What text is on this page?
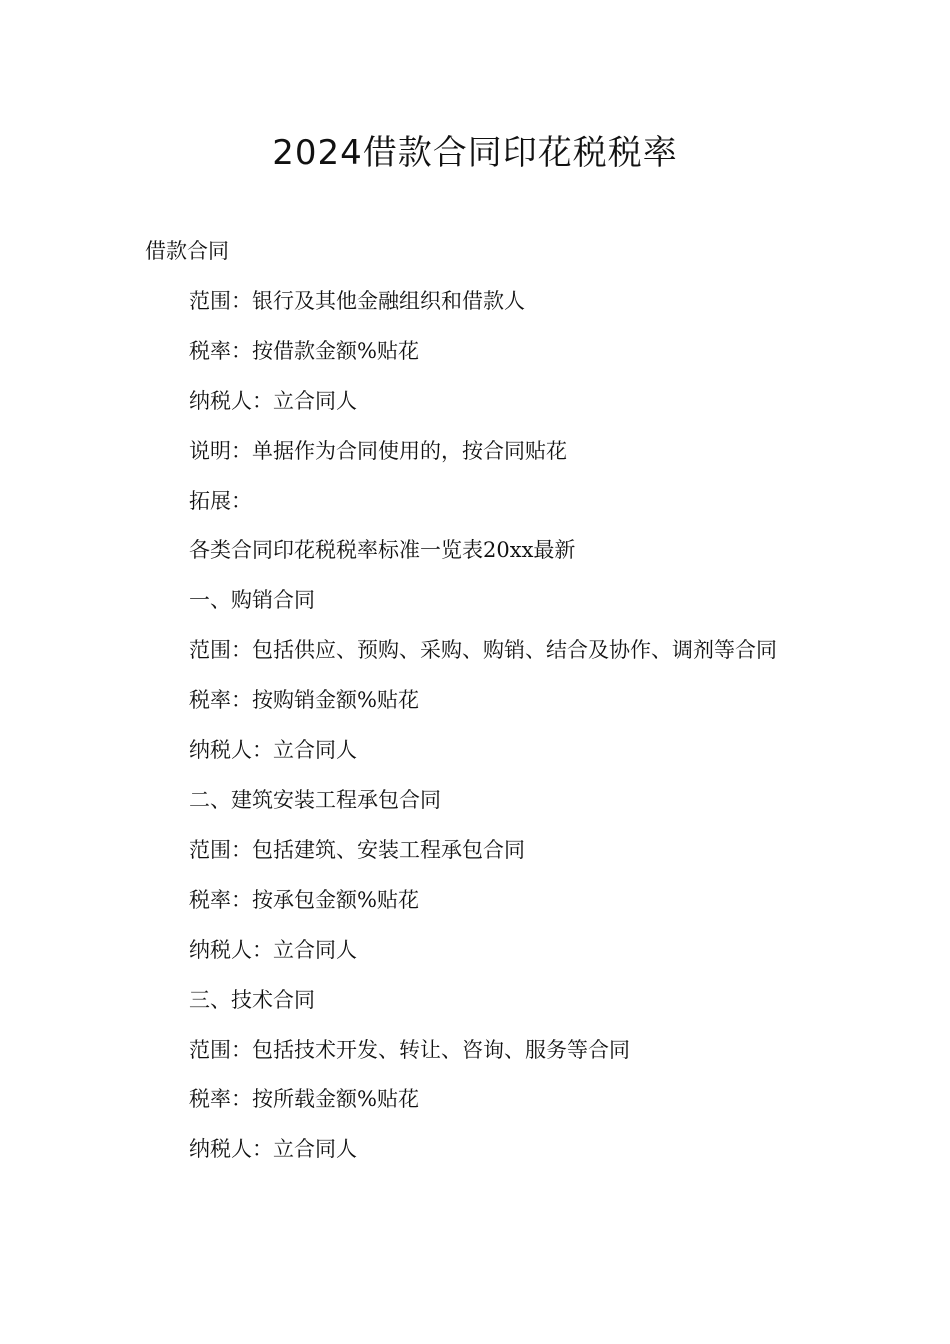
2024借款合同印花税税率

借款合同

范围：银行及其他金融组织和借款人

税率：按借款金额%贴花

纳税人：立合同人

说明：单据作为合同使用的，按合同贴花

拓展：

各类合同印花税税率标准一览表20xx最新

一、购销合同

范围：包括供应、预购、采购、购销、结合及协作、调剂等合同

税率：按购销金额%贴花

纳税人：立合同人

二、建筑安装工程承包合同

范围：包括建筑、安装工程承包合同

税率：按承包金额%贴花

纳税人：立合同人

三、技术合同

范围：包括技术开发、转让、咨询、服务等合同

税率：按所载金额%贴花

纳税人：立合同人
